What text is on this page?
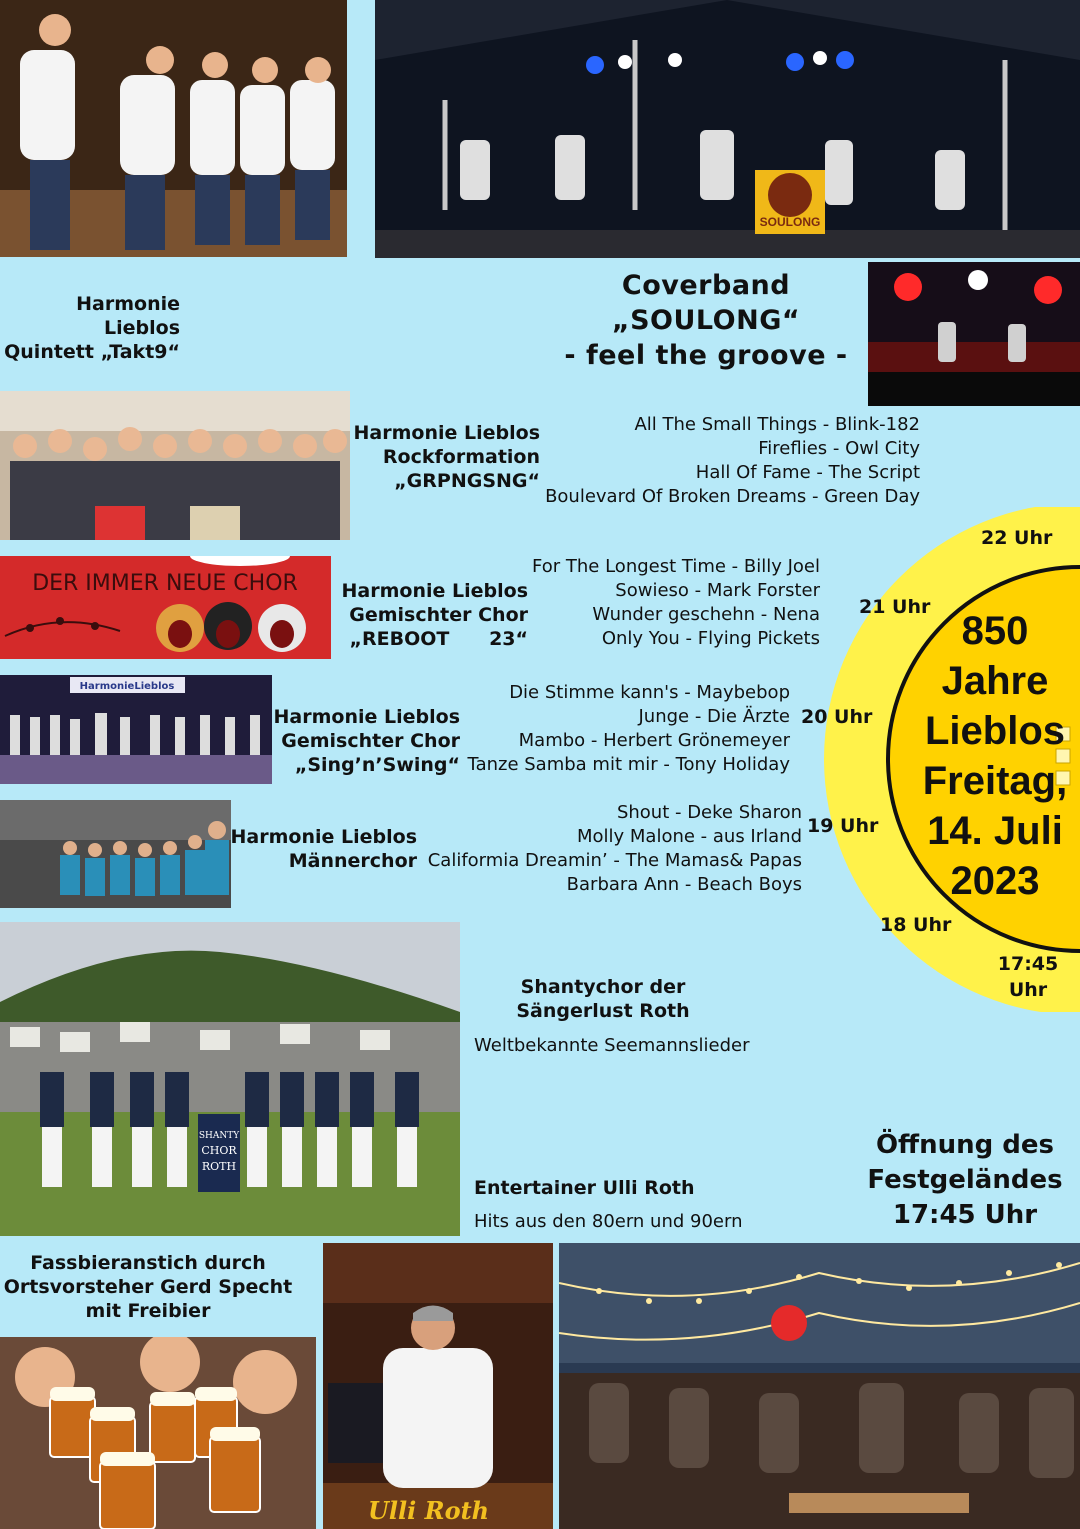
SOULONG
Harmonie
Lieblos
Quintett „Takt9“
Coverband
„SOULONG“
- feel the groove -
Harmonie Lieblos
Rockformation
„GRPNGSNG“
All The Small Things - Blink-182
Fireflies - Owl City
Hall Of Fame - The Script
Boulevard Of Broken Dreams - Green Day
22 Uhr
21 Uhr
20 Uhr
19 Uhr
18 Uhr
17:45
Uhr
850
Jahre
Lieblos
Freitag,
14. Juli
2023
DER IMMER NEUE CHOR	Harmonie Lieblos
Gemischter Chor
„REBOOT      23“
For The Longest Time - Billy Joel
Sowieso - Mark Forster
Wunder geschehn - Nena
Only You - Flying Pickets
HarmonieLieblos
Harmonie Lieblos
Gemischter Chor
„Sing’n’Swing“
Die Stimme kann's - Maybebop
Junge - Die Ärzte
Mambo - Herbert Grönemeyer
Tanze Samba mit mir - Tony Holiday
Harmonie Lieblos
Männerchor
Shout - Deke Sharon
Molly Malone - aus Irland
Califormia Dreamin’ - The Mamas& Papas
Barbara Ann - Beach Boys
SHANTY
CHOR
ROTH
Shantychor der
Sängerlust Roth
Weltbekannte Seemannslieder
Entertainer Ulli Roth
Hits aus den 80ern und 90ern
Öffnung des
Festgeländes
17:45 Uhr
Fassbieranstich durch
Ortsvorsteher Gerd Specht
mit Freibier
Ulli Roth
